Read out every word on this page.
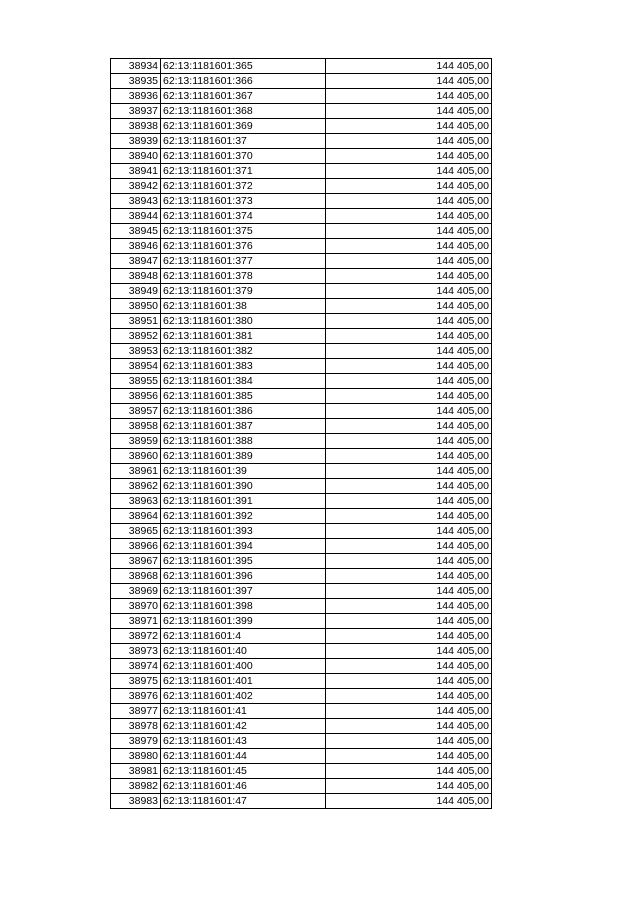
38934	62:13:1181601:365	144 405,00
38935	62:13:1181601:366	144 405,00
38936	62:13:1181601:367	144 405,00
38937	62:13:1181601:368	144 405,00
38938	62:13:1181601:369	144 405,00
38939	62:13:1181601:37	144 405,00
38940	62:13:1181601:370	144 405,00
38941	62:13:1181601:371	144 405,00
38942	62:13:1181601:372	144 405,00
38943	62:13:1181601:373	144 405,00
38944	62:13:1181601:374	144 405,00
38945	62:13:1181601:375	144 405,00
38946	62:13:1181601:376	144 405,00
38947	62:13:1181601:377	144 405,00
38948	62:13:1181601:378	144 405,00
38949	62:13:1181601:379	144 405,00
38950	62:13:1181601:38	144 405,00
38951	62:13:1181601:380	144 405,00
38952	62:13:1181601:381	144 405,00
38953	62:13:1181601:382	144 405,00
38954	62:13:1181601:383	144 405,00
38955	62:13:1181601:384	144 405,00
38956	62:13:1181601:385	144 405,00
38957	62:13:1181601:386	144 405,00
38958	62:13:1181601:387	144 405,00
38959	62:13:1181601:388	144 405,00
38960	62:13:1181601:389	144 405,00
38961	62:13:1181601:39	144 405,00
38962	62:13:1181601:390	144 405,00
38963	62:13:1181601:391	144 405,00
38964	62:13:1181601:392	144 405,00
38965	62:13:1181601:393	144 405,00
38966	62:13:1181601:394	144 405,00
38967	62:13:1181601:395	144 405,00
38968	62:13:1181601:396	144 405,00
38969	62:13:1181601:397	144 405,00
38970	62:13:1181601:398	144 405,00
38971	62:13:1181601:399	144 405,00
38972	62:13:1181601:4	144 405,00
38973	62:13:1181601:40	144 405,00
38974	62:13:1181601:400	144 405,00
38975	62:13:1181601:401	144 405,00
38976	62:13:1181601:402	144 405,00
38977	62:13:1181601:41	144 405,00
38978	62:13:1181601:42	144 405,00
38979	62:13:1181601:43	144 405,00
38980	62:13:1181601:44	144 405,00
38981	62:13:1181601:45	144 405,00
38982	62:13:1181601:46	144 405,00
38983	62:13:1181601:47	144 405,00
